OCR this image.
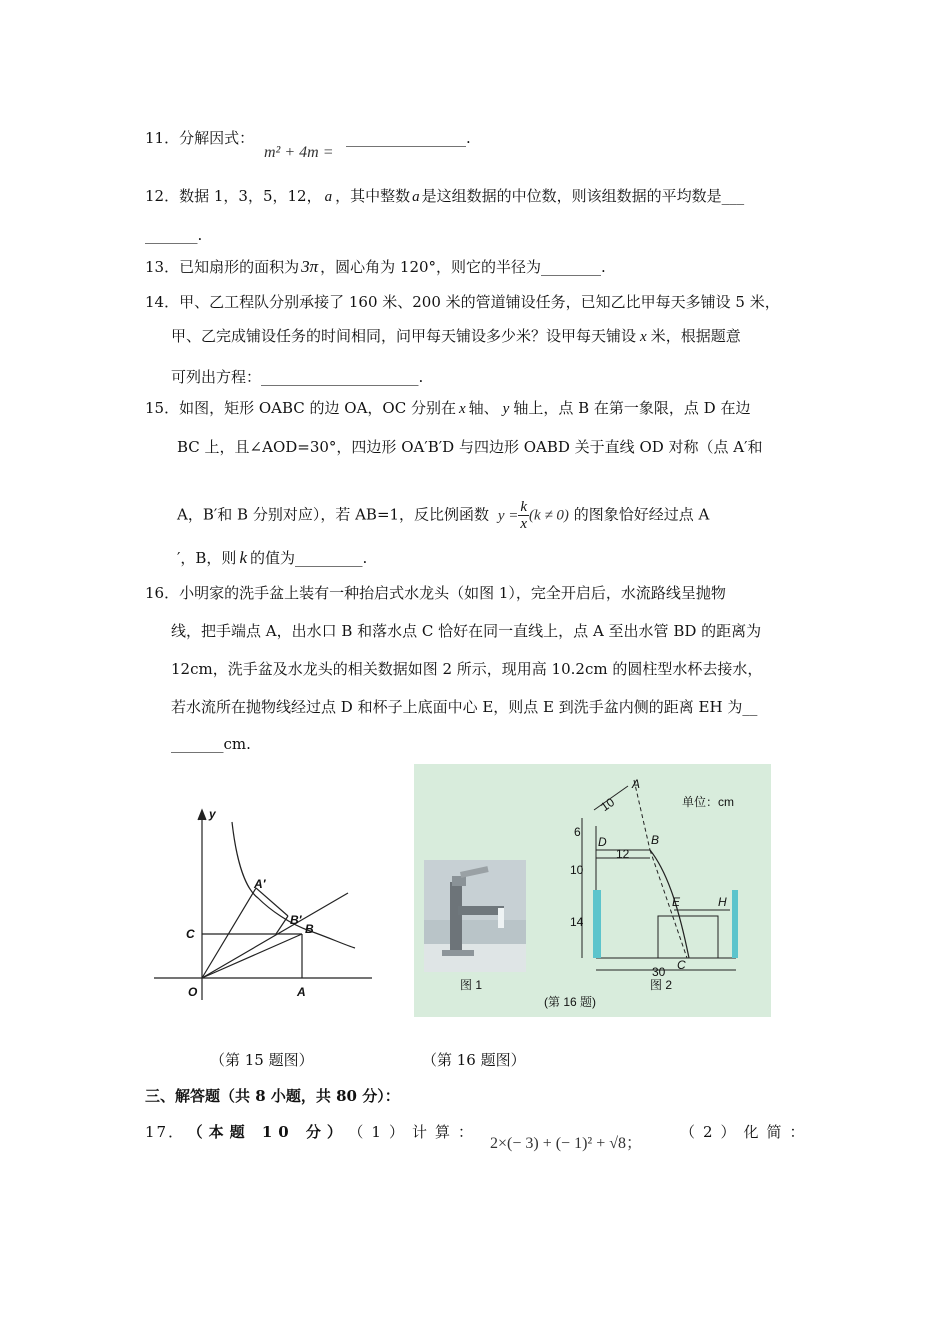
11．分解因式：
m² + 4m =
________________.
12．数据 1，3，5，12， a ，其中整数 a 是这组数据的中位数，则该组数据的平均数是___
_______.
13．已知扇形的面积为 3π ，圆心角为 120°，则它的半径为________.
14．甲、乙工程队分别承接了 160 米、200 米的管道铺设任务，已知乙比甲每天多铺设 5 米，
甲、乙完成铺设任务的时间相同，问甲每天铺设多少米？设甲每天铺设 x 米，根据题意
可列出方程：_____________________.
15．如图，矩形 OABC 的边 OA，OC 分别在 x 轴、 y 轴上，点 B 在第一象限，点 D 在边
BC 上，且∠AOD=30°，四边形 OA′B′D 与四边形 OABD 关于直线 OD 对称（点 A′和
A，B′和 B 分别对应），若 AB=1，反比例函数 $y = \frac{k}{x} (k \ne 0)$ 的图象恰好经过点 A
′，B，则 k 的值为_________.
16．小明家的洗手盆上装有一种抬启式水龙头（如图 1），完全开启后，水流路线呈抛物
线，把手端点 A，出水口 B 和落水点 C 恰好在同一直线上，点 A 至出水管 BD 的距离为
12cm，洗手盆及水龙头的相关数据如图 2 所示，现用高 10.2cm 的圆柱型水杯去接水，
若水流所在抛物线经过点 D 和杯子上底面中心 E，则点 E 到洗手盆内侧的距离 EH 为__
_______cm.
y
C
A′
B′
B
O	A
单位：cm
A
B
D
E	H
C
10
6
12
10
14
30
图 1	图 2
(第 16 题)
（第 15 题图）	（第 16 题图）
三、解答题（共 8 小题，共 80 分）：
17． （本题 10 分） （1）计算：
2×(− 3) + (− 1)² + √8；
（2）化简：
